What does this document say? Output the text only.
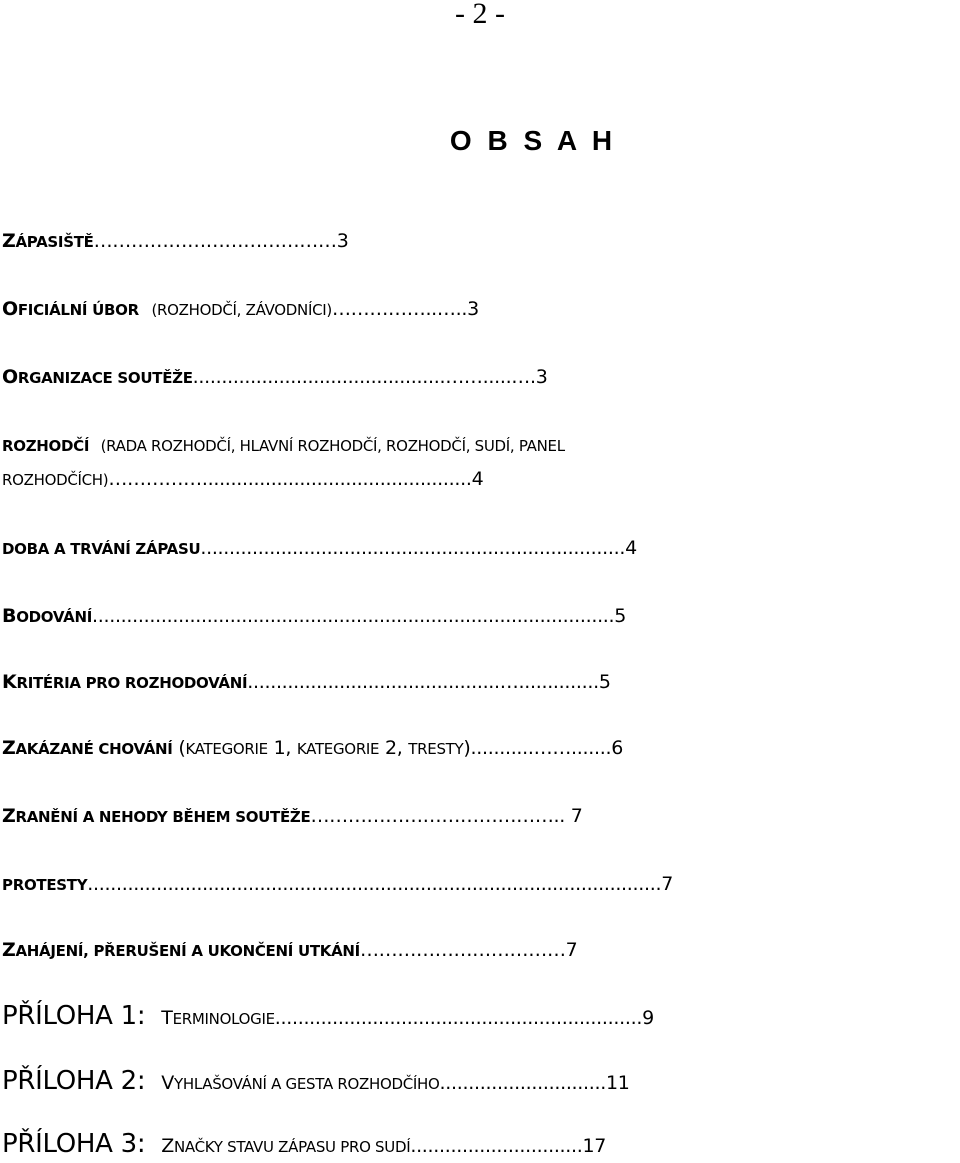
- 2 -
O B S A H
ZÁPASIŠTĚ…………………………………3
OFICIÁLNÍ ÚBOR (ROZHODČÍ, ZÁVODNÍCI)……………..…..3
ORGANIZACE SOUTĚŽE............................................…….....….3
ROZHODČÍ (RADA ROZHODČÍ, HLAVNÍ ROZHODČÍ, ROZHODČÍ, SUDÍ, PANEL
ROZHODČÍCH)……………...............................................4
DOBA A TRVÁNÍ ZÁPASU..........................................................................4
BODOVÁNÍ...........................................................................................5
KRITÉRIA PRO ROZHODOVÁNÍ............................................…..............5
ZAKÁZANÉ CHOVÁNÍ (KATEGORIE 1, KATEGORIE 2, TRESTY)...........…….......6
ZRANĚNÍ A NEHODY BĚHEM SOUTĚŽE………………………………….. 7
PROTESTY....................................................................................................7
ZAHÁJENÍ, PŘERUŠENÍ A UKONČENÍ UTKÁNÍ……………………………7
PŘÍLOHA 1: TERMINOLOGIE................................................................9
PŘÍLOHA 2: VYHLAŠOVÁNÍ A GESTA ROZHODČÍHO.............................11
PŘÍLOHA 3: ZNAČKY STAVU ZÁPASU PRO SUDÍ..............................17
